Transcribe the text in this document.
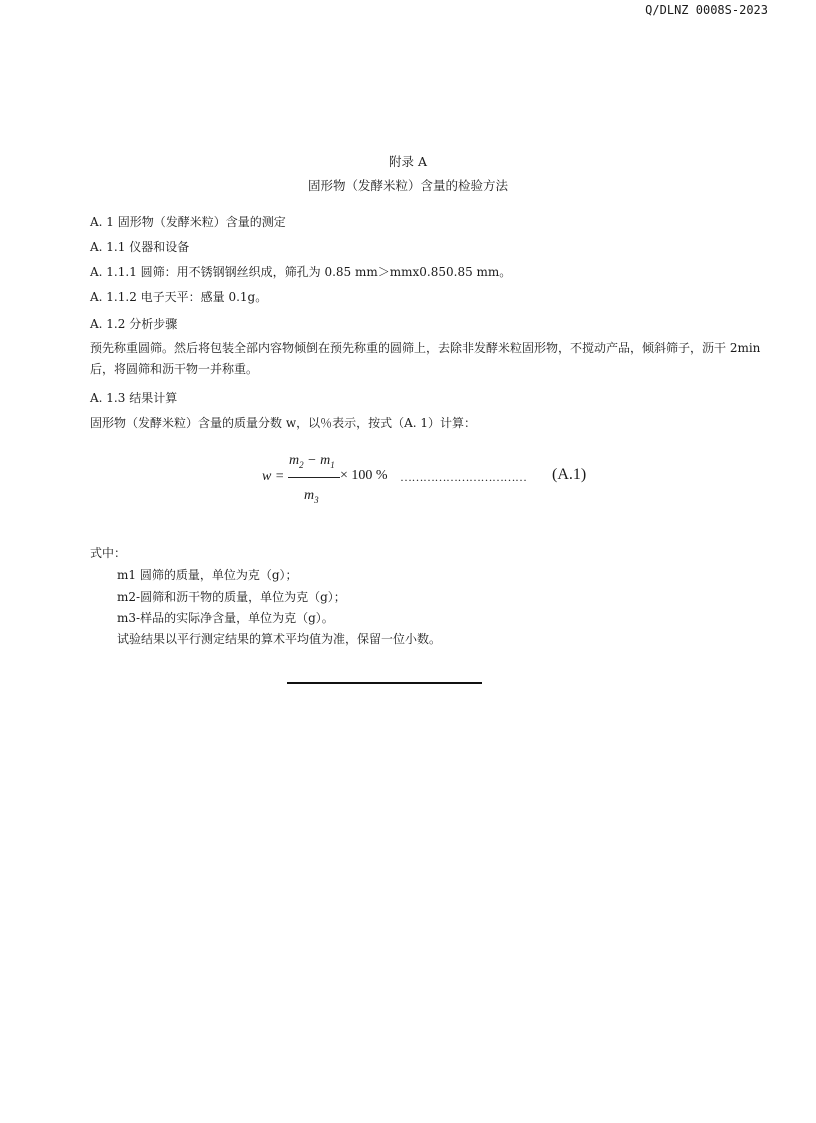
Q/DLNZ 0008S-2023
附录 A
固形物（发酵米粒）含量的检验方法
A. 1 固形物（发酵米粒）含量的测定
A. 1.1 仪器和设备
A. 1.1.1 圆筛：用不锈钢钢丝织成，筛孔为 0.85 mm＞mmx0.850.85 mm。
A. 1.1.2 电子天平：感量 0.1g。
A. 1.2 分析步骤
预先称重圆筛。然后将包装全部内容物倾倒在预先称重的圆筛上，去除非发酵米粒固形物，不搅动产品，倾斜筛子，沥干 2min 后，将圆筛和沥干物一并称重。
A. 1.3 结果计算
固形物（发酵米粒）含量的质量分数 w，以％表示，按式（A. 1）计算：
w =
$m_2 - m_1$
$m_3$
× 100 % …………………………… (A.1)
式中：
m1 圆筛的质量，单位为克（g）；
m2-圆筛和沥干物的质量，单位为克（g）；
m3-样品的实际净含量，单位为克（g）。
试验结果以平行测定结果的算术平均值为准，保留一位小数。
